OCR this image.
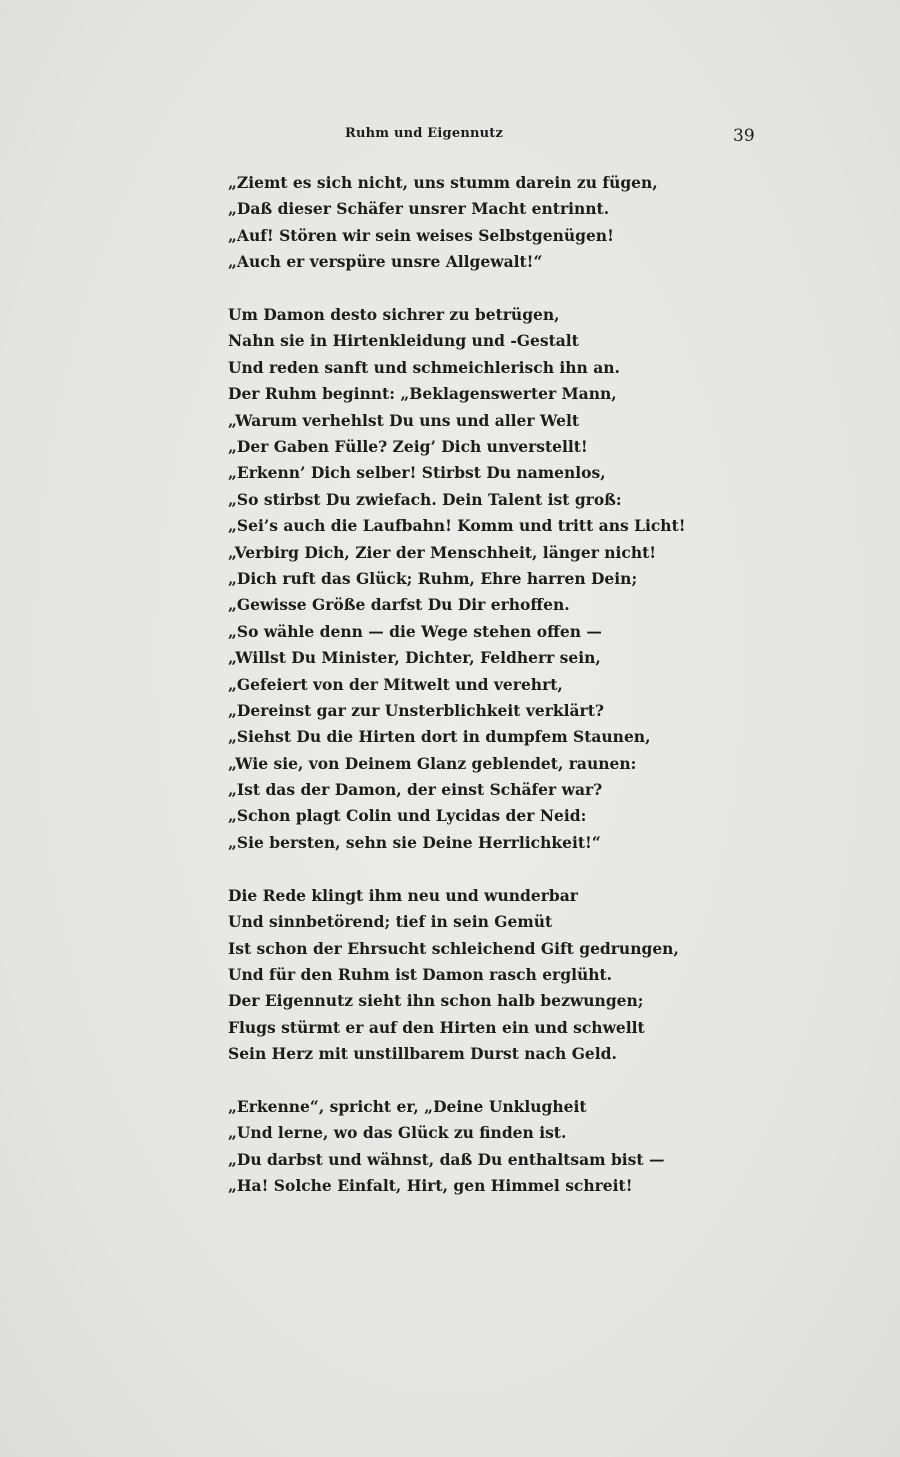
Ruhm und Eigennutz	39
„Ziemt es sich nicht, uns stumm darein zu fügen,
„Daß dieser Schäfer unsrer Macht entrinnt.
„Auf! Stören wir sein weises Selbstgenügen!
„Auch er verspüre unsre Allgewalt!“
Um Damon desto sichrer zu betrügen,
Nahn sie in Hirtenkleidung und -Gestalt
Und reden sanft und schmeichlerisch ihn an.
Der Ruhm beginnt: „Beklagenswerter Mann,
„Warum verhehlst Du uns und aller Welt
„Der Gaben Fülle? Zeig’ Dich unverstellt!
„Erkenn’ Dich selber! Stirbst Du namenlos,
„So stirbst Du zwiefach. Dein Talent ist groß:
„Sei’s auch die Laufbahn! Komm und tritt ans Licht!
„Verbirg Dich, Zier der Menschheit, länger nicht!
„Dich ruft das Glück; Ruhm, Ehre harren Dein;
„Gewisse Größe darfst Du Dir erhoffen.
„So wähle denn — die Wege stehen offen —
„Willst Du Minister, Dichter, Feldherr sein,
„Gefeiert von der Mitwelt und verehrt,
„Dereinst gar zur Unsterblichkeit verklärt?
„Siehst Du die Hirten dort in dumpfem Staunen,
„Wie sie, von Deinem Glanz geblendet, raunen:
„Ist das der Damon, der einst Schäfer war?
„Schon plagt Colin und Lycidas der Neid:
„Sie bersten, sehn sie Deine Herrlichkeit!“
Die Rede klingt ihm neu und wunderbar
Und sinnbetörend; tief in sein Gemüt
Ist schon der Ehrsucht schleichend Gift gedrungen,
Und für den Ruhm ist Damon rasch erglüht.
Der Eigennutz sieht ihn schon halb bezwungen;
Flugs stürmt er auf den Hirten ein und schwellt
Sein Herz mit unstillbarem Durst nach Geld.
„Erkenne“, spricht er, „Deine Unklugheit
„Und lerne, wo das Glück zu finden ist.
„Du darbst und wähnst, daß Du enthaltsam bist —
„Ha! Solche Einfalt, Hirt, gen Himmel schreit!
